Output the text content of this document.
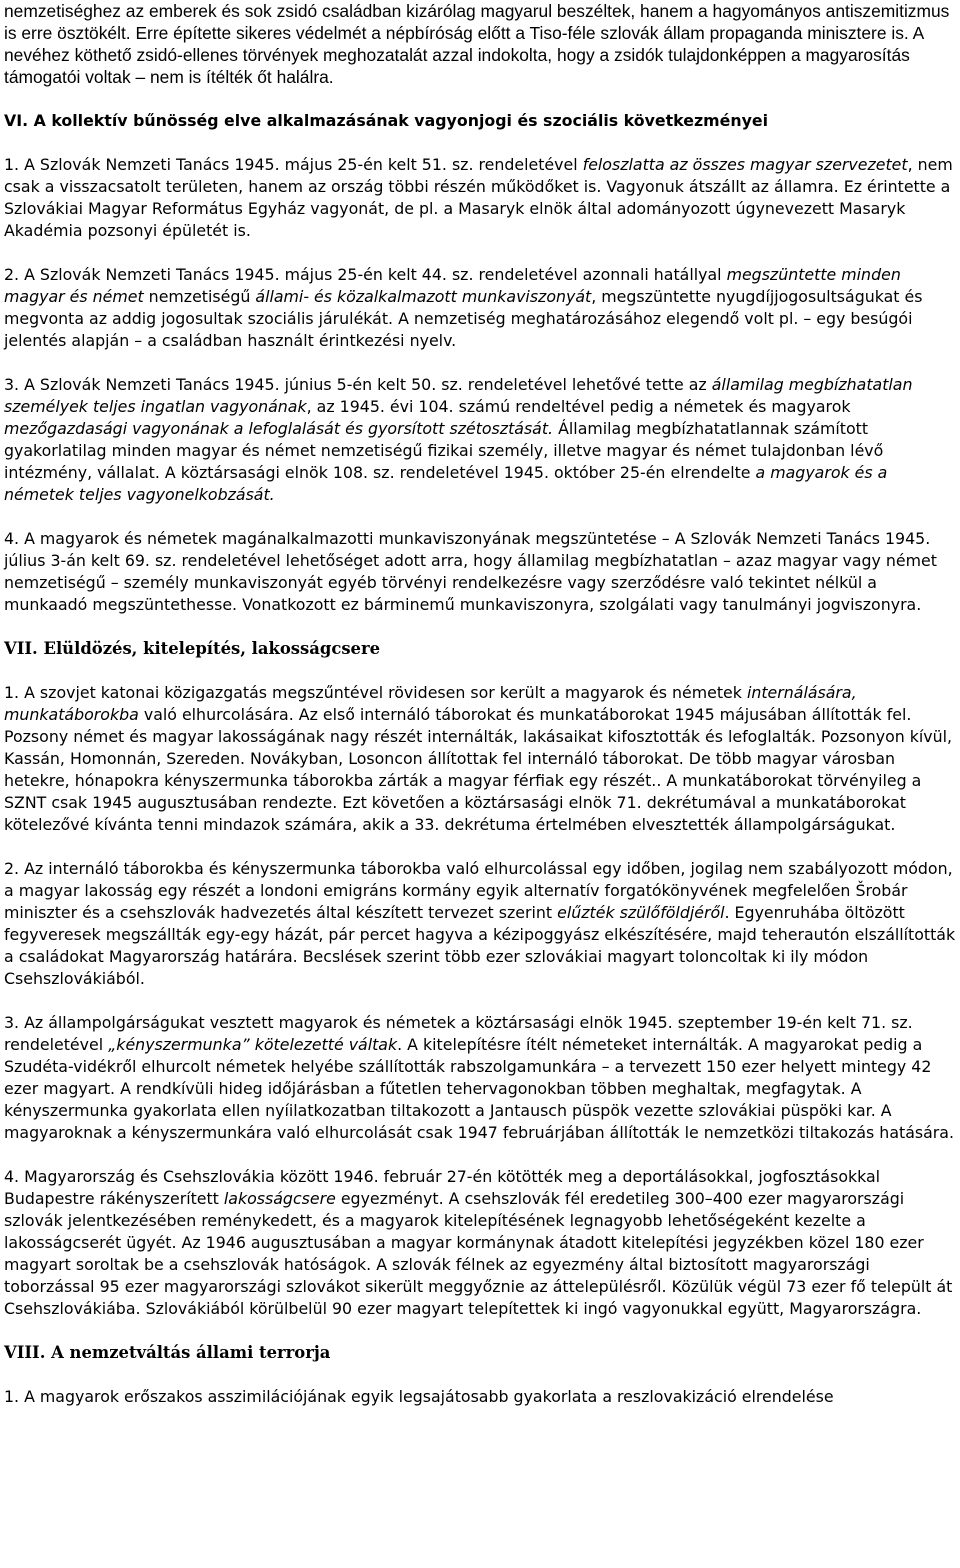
nemzetiséghez az emberek és sok zsidó családban kizárólag magyarul beszéltek, hanem a hagyományos antiszemitizmus is erre ösztökélt. Erre építette sikeres védelmét a népbíróság előtt a Tiso-féle szlovák állam propaganda minisztere is. A nevéhez köthető zsidó-ellenes törvények meghozatalát azzal indokolta, hogy a zsidók tulajdonképpen a magyarosítás támogatói voltak – nem is ítélték őt halálra.

VI. A kollektív bűnösség elve alkalmazásának vagyonjogi és szociális következményei

1. A Szlovák Nemzeti Tanács 1945. május 25-én kelt 51. sz. rendeletével feloszlatta az összes magyar szervezetet, nem csak a visszacsatolt területen, hanem az ország többi részén működőket is. Vagyonuk átszállt az államra. Ez érintette a Szlovákiai Magyar Református Egyház vagyonát, de pl. a Masaryk elnök által adományozott úgynevezett Masaryk Akadémia pozsonyi épületét is.

2. A Szlovák Nemzeti Tanács 1945. május 25-én kelt 44. sz. rendeletével azonnali hatállyal megszüntette minden magyar és német nemzetiségű állami- és közalkalmazott munkaviszonyát, megszüntette nyugdíjjogosultságukat és megvonta az addig jogosultak szociális járulékát. A nemzetiség meghatározásához elegendő volt pl. – egy besúgói jelentés alapján – a családban használt érintkezési nyelv.

3. A Szlovák Nemzeti Tanács 1945. június 5-én kelt 50. sz. rendeletével lehetővé tette az államilag megbízhatatlan személyek teljes ingatlan vagyonának, az 1945. évi 104. számú rendeltével pedig a németek és magyarok mezőgazdasági vagyonának a lefoglalását és gyorsított szétosztását. Államilag megbízhatatlannak számított gyakorlatilag minden magyar és német nemzetiségű fizikai személy, illetve magyar és német tulajdonban lévő intézmény, vállalat. A köztársasági elnök 108. sz. rendeletével 1945. október 25-én elrendelte a magyarok és a németek teljes vagyonelkobzását.

4. A magyarok és németek magánalkalmazotti munkaviszonyának megszüntetése – A Szlovák Nemzeti Tanács 1945. július 3-án kelt 69. sz. rendeletével lehetőséget adott arra, hogy államilag megbízhatatlan – azaz magyar vagy német nemzetiségű – személy munkaviszonyát egyéb törvényi rendelkezésre vagy szerződésre való tekintet nélkül a munkaadó megszüntethesse. Vonatkozott ez bárminemű munkaviszonyra, szolgálati vagy tanulmányi jogviszonyra.

VII. Elüldözés, kitelepítés, lakosságcsere

1. A szovjet katonai közigazgatás megszűntével rövidesen sor került a magyarok és németek internálására, munkatáborokba való elhurcolására. Az első internáló táborokat és munkatáborokat 1945 májusában állították fel. Pozsony német és magyar lakosságának nagy részét internálták, lakásaikat kifosztották és lefoglalták. Pozsonyon kívül, Kassán, Homonnán, Szereden. Novákyban, Losoncon állítottak fel internáló táborokat. De több magyar városban hetekre, hónapokra kényszermunka táborokba zárták a magyar férfiak egy részét.. A munkatáborokat törvényileg a SZNT csak 1945 augusztusában rendezte. Ezt követően a köztársasági elnök 71. dekrétumával a munkatáborokat kötelezővé kívánta tenni mindazok számára, akik a 33. dekrétuma értelmében elvesztették állampolgárságukat.

2. Az internáló táborokba és kényszermunka táborokba való elhurcolással egy időben, jogilag nem szabályozott módon, a magyar lakosság egy részét a londoni emigráns kormány egyik alternatív forgatókönyvének megfelelően Šrobár miniszter és a csehszlovák hadvezetés által készített tervezet szerint elűzték szülőföldjéről. Egyenruhába öltözött fegyveresek megszállták egy-egy házát, pár percet hagyva a kézipoggyász elkészítésére, majd teherautón elszállították a családokat Magyarország határára. Becslések szerint több ezer szlovákiai magyart toloncoltak ki ily módon Csehszlovákiából.

3. Az állampolgárságukat vesztett magyarok és németek a köztársasági elnök 1945. szeptember 19-én kelt 71. sz. rendeletével „kényszermunka” kötelezetté váltak. A kitelepítésre ítélt németeket internálták. A magyarokat pedig a Szudéta-vidékről elhurcolt németek helyébe szállították rabszolgamunkára – a tervezett 150 ezer helyett mintegy 42 ezer magyart. A rendkívüli hideg időjárásban a fűtetlen tehervagonokban többen meghaltak, megfagytak. A kényszermunka gyakorlata ellen nyíilatkozatban tiltakozott a Jantausch püspök vezette szlovákiai püspöki kar. A magyaroknak a kényszermunkára való elhurcolását csak 1947 februárjában állították le nemzetközi tiltakozás hatására.

4. Magyarország és Csehszlovákia között 1946. február 27-én kötötték meg a deportálásokkal, jogfosztásokkal Budapestre rákényszerített lakosságcsere egyezményt. A csehszlovák fél eredetileg 300–400 ezer magyarországi szlovák jelentkezésében reménykedett, és a magyarok kitelepítésének legnagyobb lehetőségeként kezelte a lakosságcserét ügyét. Az 1946 augusztusában a magyar kormánynak átadott kitelepítési jegyzékben közel 180 ezer magyart soroltak be a csehszlovák hatóságok. A szlovák félnek az egyezmény által biztosított magyarországi toborzással 95 ezer magyarországi szlovákot sikerült meggyőznie az áttelepülésről. Közülük végül 73 ezer fő települt át Csehszlovákiába. Szlovákiából körülbelül 90 ezer magyart telepítettek ki ingó vagyonukkal együtt, Magyarországra.

VIII. A nemzetváltás állami terrorja

1. A magyarok erőszakos asszimilációjának egyik legsajátosabb gyakorlata a reszlovakizáció elrendelése
